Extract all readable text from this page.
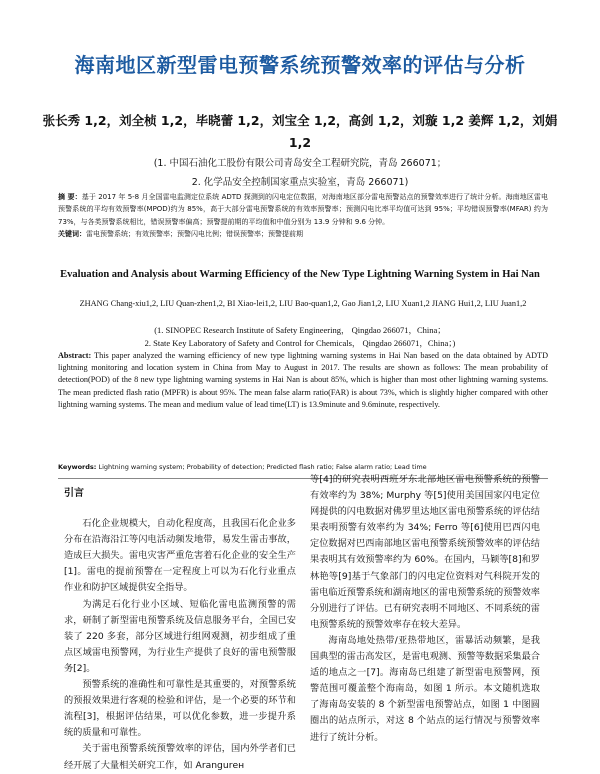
海南地区新型雷电预警系统预警效率的评估与分析
张长秀 1,2，刘全桢 1,2，毕晓蕾 1,2，刘宝全 1,2，高剑 1,2，刘璇 1,2 姜辉 1,2，刘娟 1,2
(1. 中国石油化工股份有限公司青岛安全工程研究院，青岛 266071；
2. 化学品安全控制国家重点实验室，青岛 266071)
摘 要：基于 2017 年 5-8 月全国雷电监测定位系统 ADTD 探测到的闪电定位数据，对海南地区部分雷电预警站点的预警效率进行了统计分析。海南地区雷电预警系统的平均有效预警率(MPOD)约为 85%，高于大部分雷电预警系统的有效率预警率；预测闪电比率平均值可达到 95%；平均错误预警率(MFAR) 约为 73%，与各类预警系统相比，错误预警率偏高；预警提前期的平均值和中值分别为 13.9 分钟和 9.6 分钟。
关键词：雷电预警系统；有效预警率；预警闪电比例；错误预警率；预警提前期
Evaluation and Analysis about Warming Efficiency of the New Type Lightning Warning System in Hai Nan
ZHANG Chang-xiu1,2, LIU Quan-zhen1,2, BI Xiao-lei1,2, LIU Bao-quan1,2, Gao Jian1,2, LIU Xuan1,2 JIANG Hui1,2, LIU Juan1,2
(1. SINOPEC Research Institute of Safety Engineering， Qingdao 266071，China；
2. State Key Laboratory of Safety and Control for Chemicals， Qingdao 266071，China；)
Abstract: This paper analyzed the warning efficiency of new type lightning warning systems in Hai Nan based on the data obtained by ADTD lightning monitoring and location system in China from May to August in 2017. The results are shown as follows: The mean probability of detection(POD) of the 8 new type lightning warning systems in Hai Nan is about 85%, which is higher than most other lightning warning systems. The mean predicted flash ratio (MPFR) is about 95%. The mean false alarm ratio(FAR) is about 73%, which is slightly higher compared with other lightning warning systems. The mean and medium value of lead time(LT) is 13.9minute and 9.6minute, respectively.
Keywords: Lightning warning system; Probability of detection; Predicted flash ratio; False alarm ratio; Lead time

引言

石化企业规模大，自动化程度高，且我国石化企业多分布在沿海沿江等闪电活动频发地带，易发生雷击事故，造成巨大损失。雷电灾害严重危害着石化企业的安全生产[1]。雷电的提前预警在一定程度上可以为石化行业重点作业和防护区域提供安全指导。

为满足石化行业小区域、短临化雷电监测预警的需求，研制了新型雷电预警系统及信息服务平台，全国已安装了 220 多套，部分区域进行组网观测，初步组成了重点区域雷电预警网，为行业生产提供了良好的雷电预警服务[2]。

预警系统的准确性和可靠性是其重要的，对预警系统的预报效果进行客观的检验和评估，是一个必要的环节和流程[3]，根据评估结果，可以优化参数，进一步提升系统的质量和可靠性。

关于雷电预警系统预警效率的评估，国内外学者们已经开展了大量相关研究工作，如 Arangurен

等[4]的研究表明西班牙东北部地区雷电预警系统的预警有效率约为 38%; Murphy 等[5]使用美国国家闪电定位网提供的闪电数据对佛罗里达地区雷电预警系统的评估结果表明预警有效率约为 34%; Ferro 等[6]使用巴西闪电定位数据对巴西南部地区雷电预警系统预警效率的评估结果表明其有效预警率约为 60%。在国内，马颖等[8]和罗林艳等[9]基于气象部门的闪电定位资料对气科院开发的雷电临近预警系统和湖南地区的雷电预警系统的预警效率分别进行了评估。已有研究表明不同地区、不同系统的雷电预警系统的预警效率存在较大差异。

海南岛地处热带/亚热带地区，雷暴活动频繁，是我国典型的雷击高发区，是雷电观测、预警等数据采集最合适的地点之一[7]。海南岛已组建了新型雷电预警网，预警范围可覆盖整个海南岛，如图 1 所示。本文随机选取了海南岛安装的 8 个新型雷电预警站点，如图 1 中图圆圈出的站点所示，对这 8 个站点的运行情况与预警效率进行了统计分析。
